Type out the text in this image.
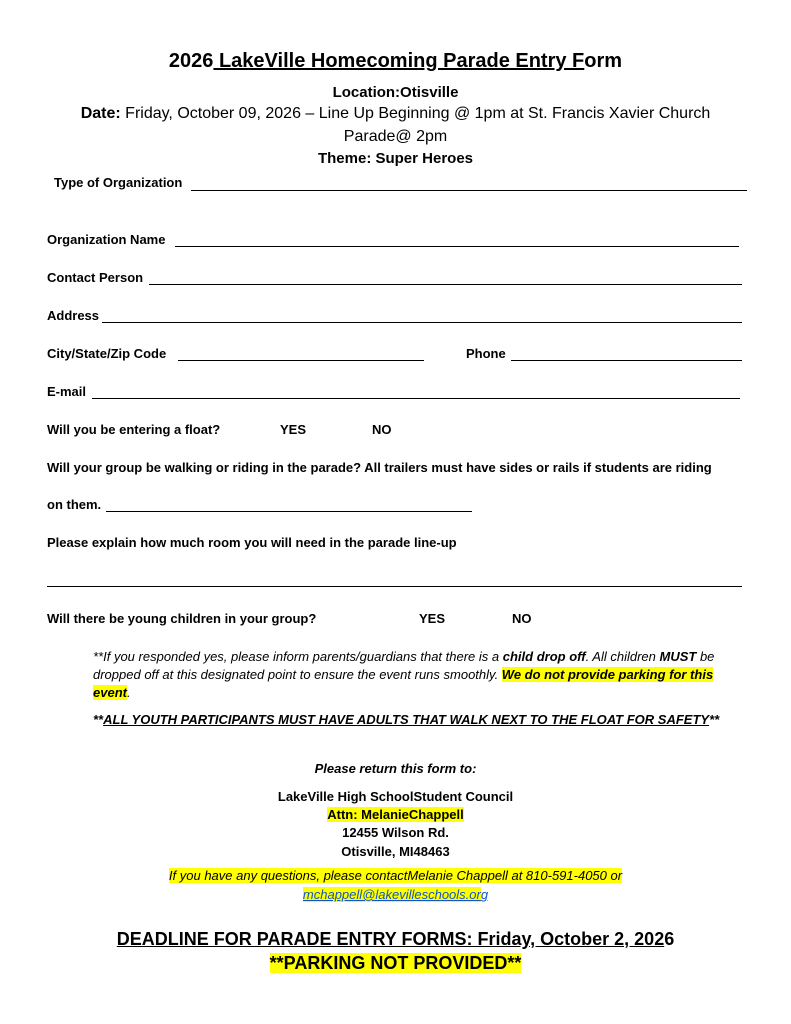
2026 LakeVille Homecoming Parade Entry Form
Location:Otisville
Date: Friday, October 09, 2026 – Line Up Beginning @ 1pm at St. Francis Xavier Church
Parade@ 2pm
Theme: Super Heroes
Type of Organization
Organization Name
Contact Person
Address
City/State/Zip Code	Phone
E-mail
Will you be entering a float?	YES	NO
Will your group be walking or riding in the parade? All trailers must have sides or rails if students are riding
on them.
Please explain how much room you will need in the parade line-up
Will there be young children in your group?	YES	NO
**If you responded yes, please inform parents/guardians that there is a child drop off. All children MUST be dropped off at this designated point to ensure the event runs smoothly. We do not provide parking for this event.
**ALL YOUTH PARTICIPANTS MUST HAVE ADULTS THAT WALK NEXT TO THE FLOAT FOR SAFETY**
Please return this form to:
LakeVille High SchoolStudent Council
Attn: MelanieChappell
12455 Wilson Rd.
Otisville, MI48463
If you have any questions, please contactMelanie Chappell at 810-591-4050 or
mchappell@lakevilleschools.org
DEADLINE FOR PARADE ENTRY FORMS: Friday, October 2, 2026
**PARKING NOT PROVIDED**
